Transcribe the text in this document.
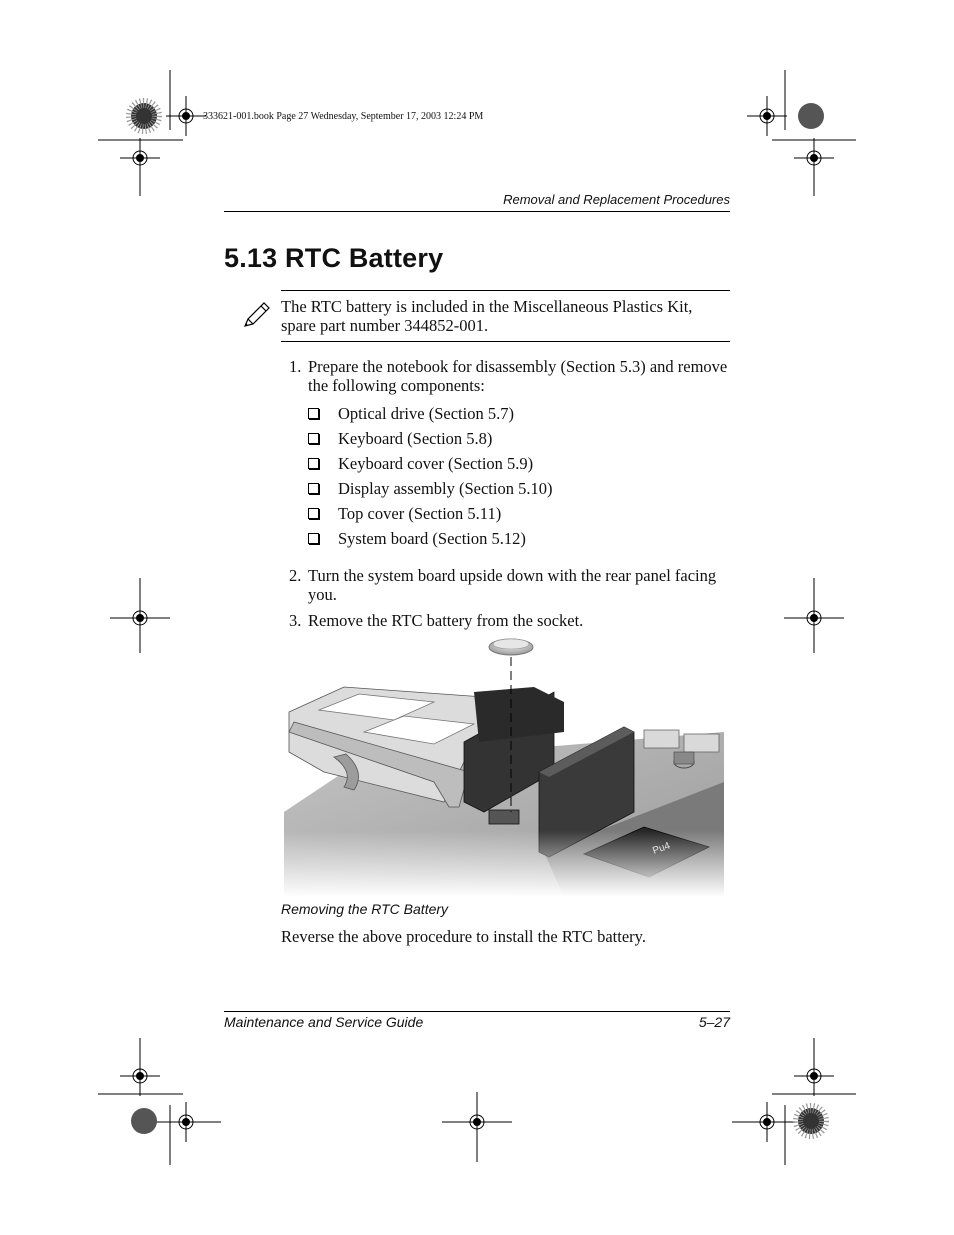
333621-001.book Page 27 Wednesday, September 17, 2003 12:24 PM
Removal and Replacement Procedures
5.13 RTC Battery
The RTC battery is included in the Miscellaneous Plastics Kit, spare part number 344852-001.
1. Prepare the notebook for disassembly (Section 5.3) and remove the following components:
Optical drive (Section 5.7)
Keyboard (Section 5.8)
Keyboard cover (Section 5.9)
Display assembly (Section 5.10)
Top cover (Section 5.11)
System board (Section 5.12)
2. Turn the system board upside down with the rear panel facing you.
3. Remove the RTC battery from the socket.
Removing the RTC Battery
Reverse the above procedure to install the RTC battery.
Maintenance and Service Guide	5–27
